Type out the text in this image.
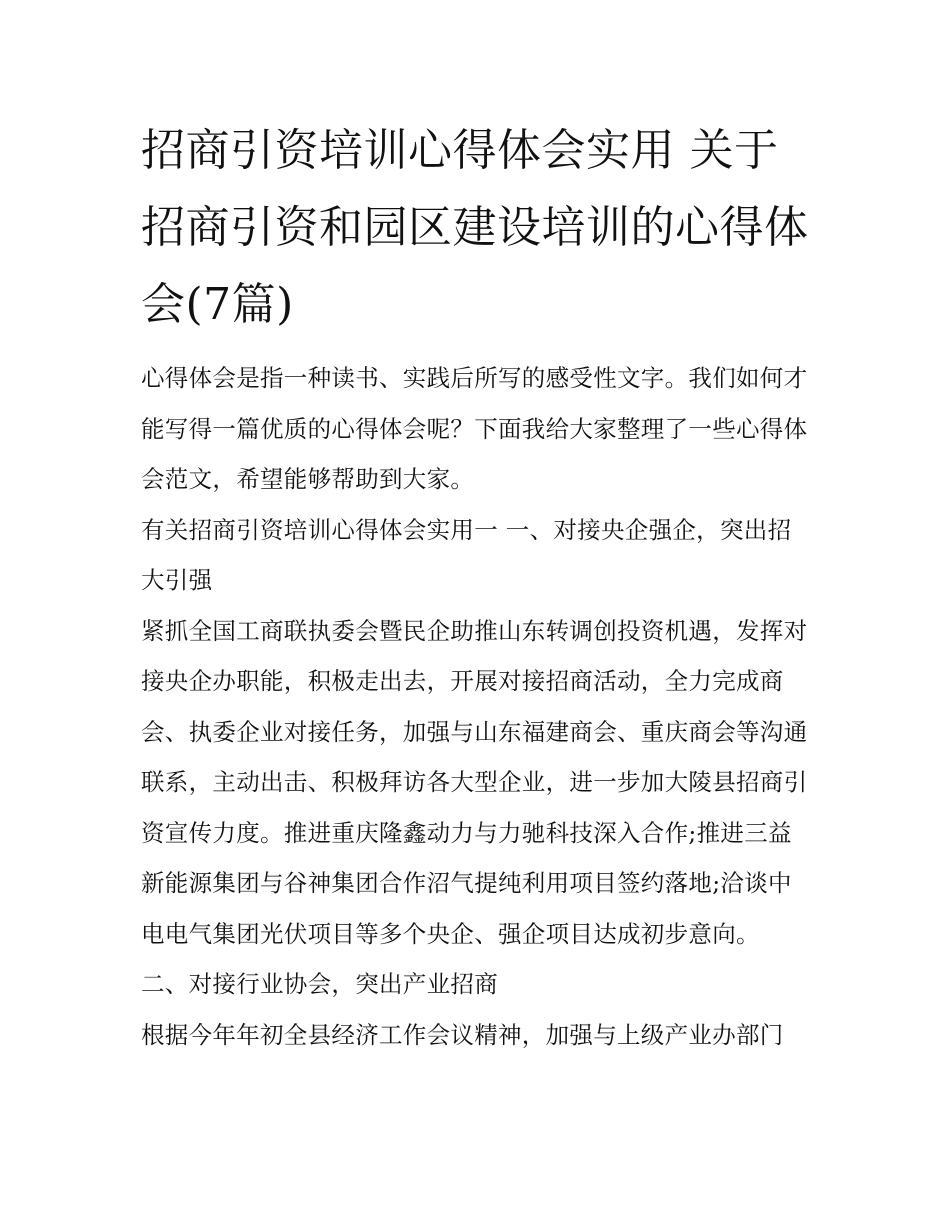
招商引资培训心得体会实用 关于招商引资和园区建设培训的心得体会(7篇)

心得体会是指一种读书、实践后所写的感受性文字。我们如何才能写得一篇优质的心得体会呢？下面我给大家整理了一些心得体会范文，希望能够帮助到大家。

有关招商引资培训心得体会实用一 一、对接央企强企，突出招大引强

紧抓全国工商联执委会暨民企助推山东转调创投资机遇，发挥对接央企办职能，积极走出去，开展对接招商活动，全力完成商会、执委企业对接任务，加强与山东福建商会、重庆商会等沟通联系，主动出击、积极拜访各大型企业，进一步加大陵县招商引资宣传力度。推进重庆隆鑫动力与力驰科技深入合作;推进三益新能源集团与谷神集团合作沼气提纯利用项目签约落地;洽谈中电电气集团光伏项目等多个央企、强企项目达成初步意向。

二、对接行业协会，突出产业招商

根据今年年初全县经济工作会议精神，加强与上级产业办部门
